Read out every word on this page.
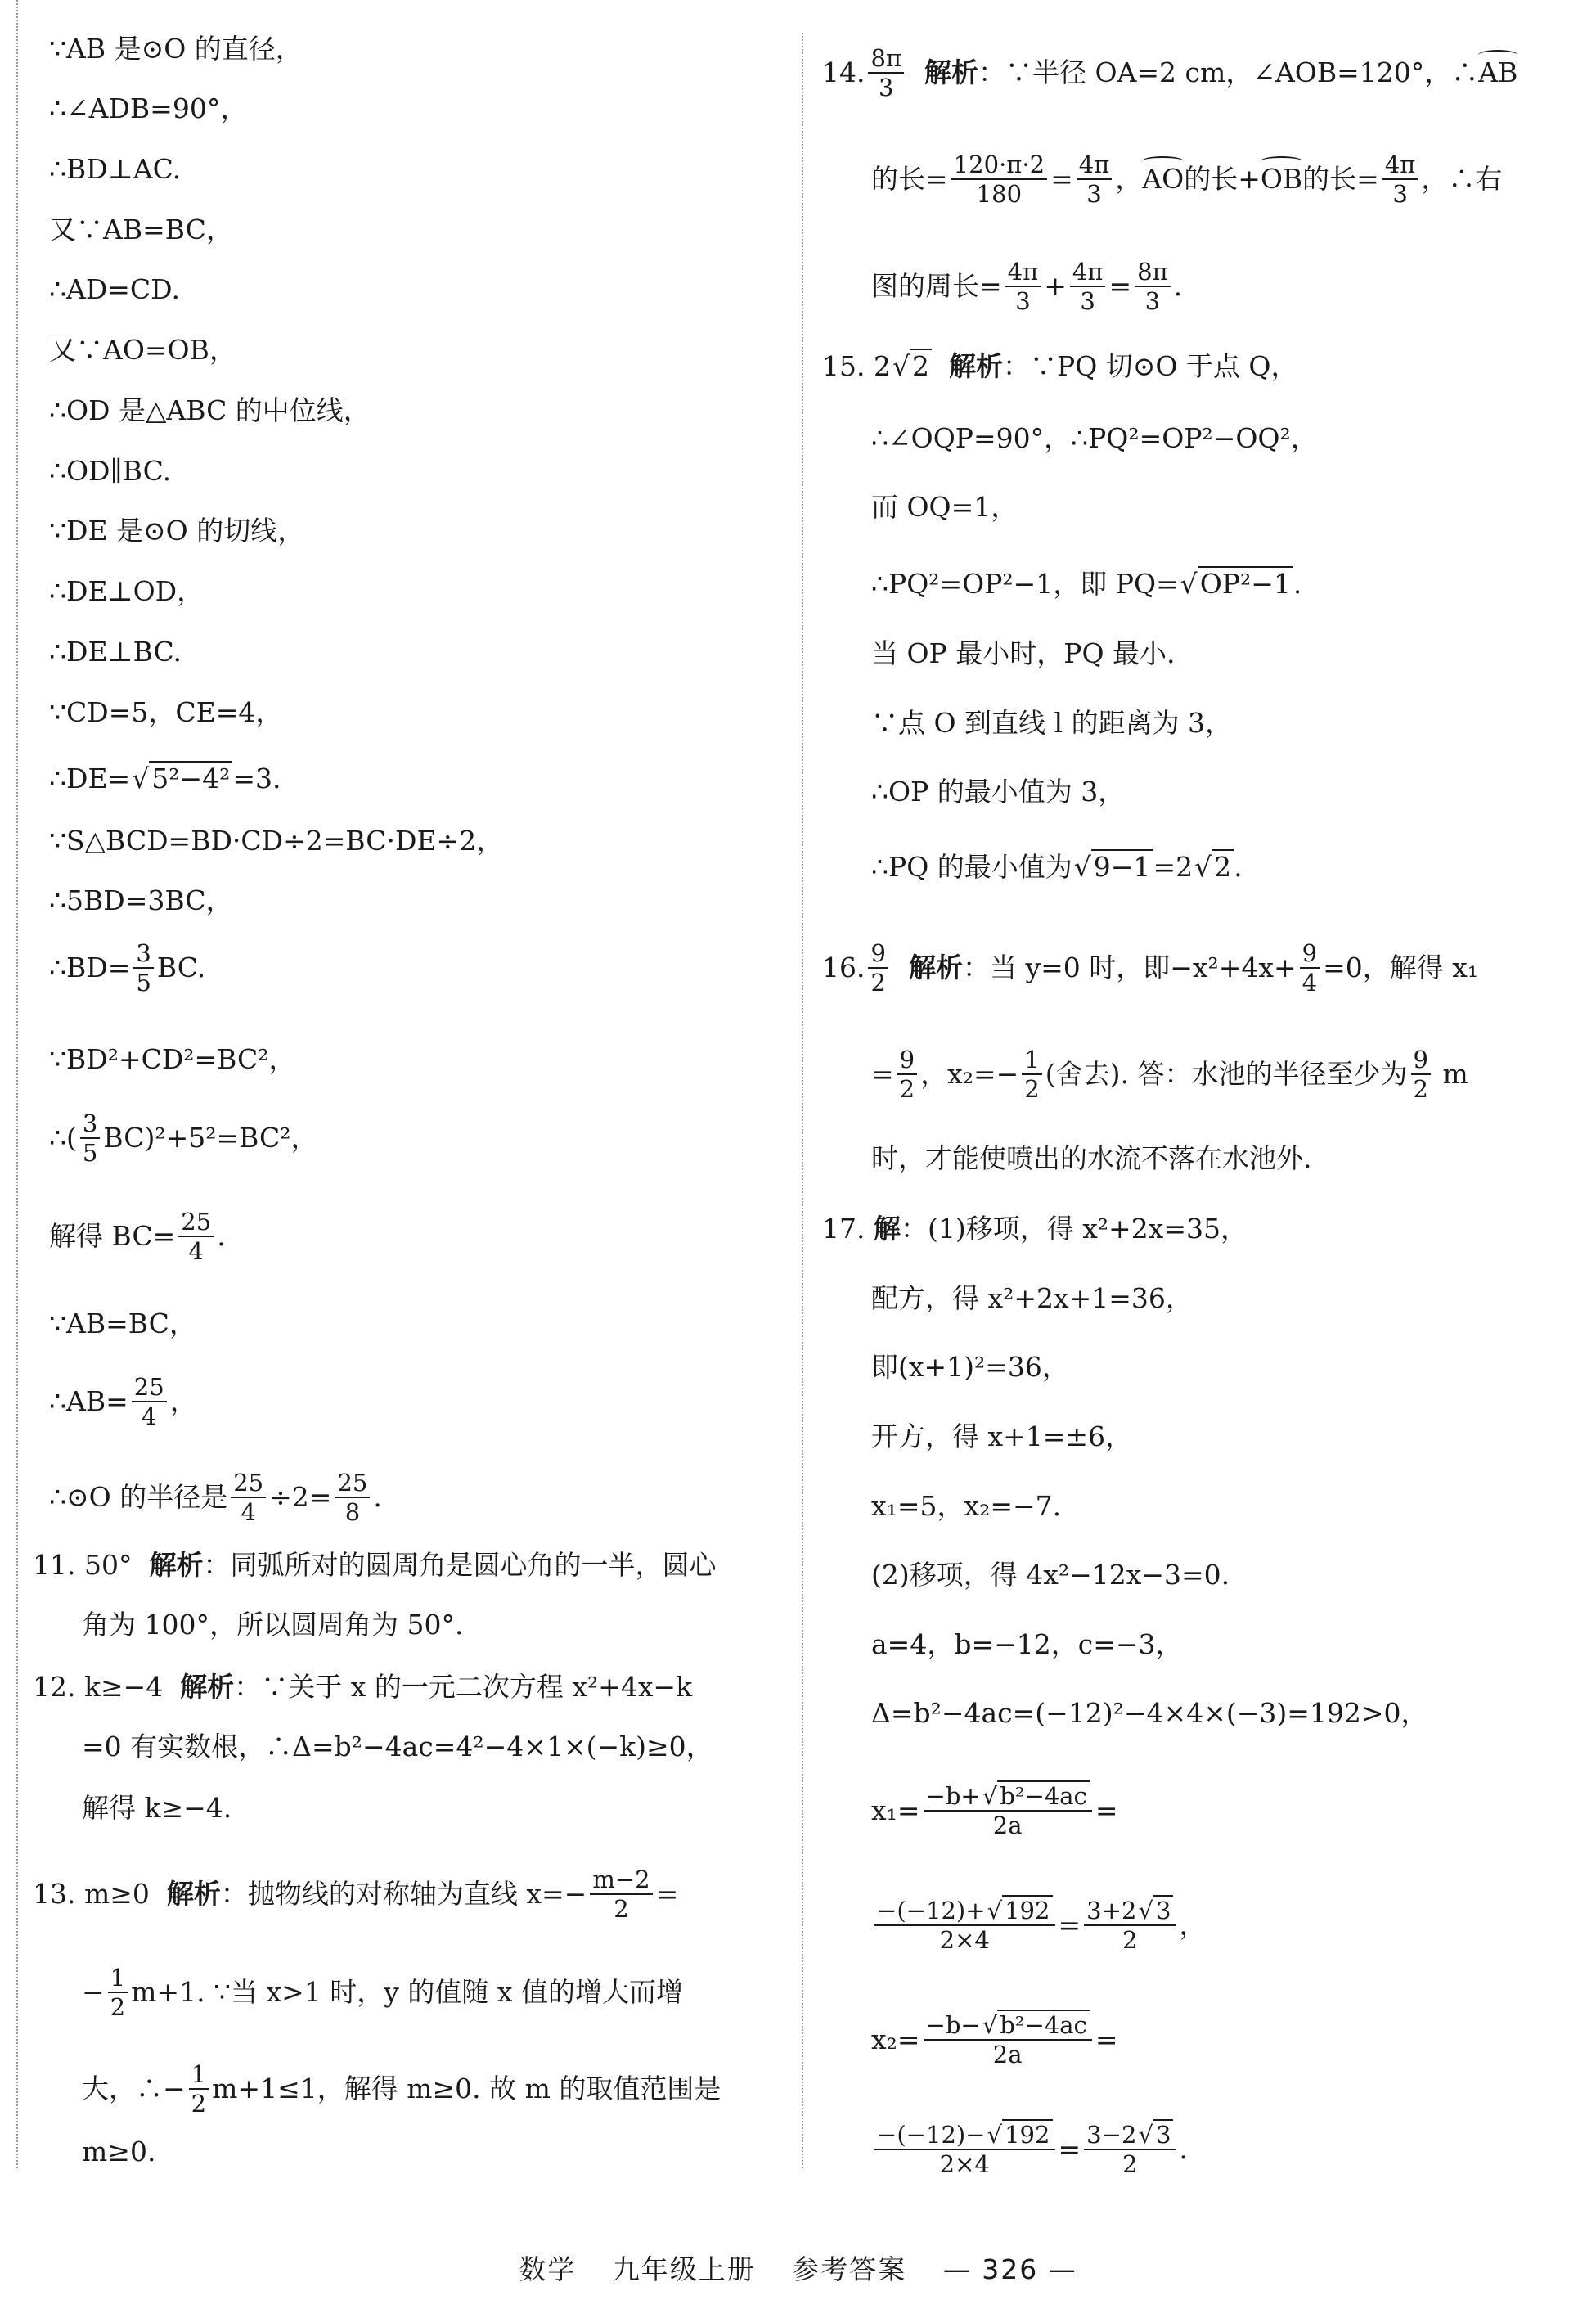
∵AB 是⊙O 的直径，
∴∠ADB=90°，
∴BD⊥AC.
又∵AB=BC，
∴AD=CD.
又∵AO=OB，
∴OD 是△ABC 的中位线，
∴OD∥BC.
∵DE 是⊙O 的切线，
∴DE⊥OD，
∴DE⊥BC.
∵CD=5，CE=4，
∴DE= √5²−4² =3.
∵S△BCD=BD·CD÷2=BC·DE÷2，
∴5BD=3BC，
∴BD= $\frac{3}{5}$ BC.
∵BD²+CD²=BC²，
∴( $\frac{3}{5} BC)^2+5^2=BC^2$，
解得 $BC= \frac{25}{4}$ .
∵AB=BC，
∴AB= $\frac{25}{4}$ ，
∴⊙O 的半径是 $\frac{25}{4} \div 2= \frac{25}{8}$ .
11. 50°
解析 ：同弧所对的圆周角是圆心角的一半，圆心
角为 100°，所以圆周角为 50°.
12. k≥−4
解析 ：∵关于 x 的一元二次方程 x²+4x−k
=0 有实数根，∴Δ=b²−4ac=4²−4×1×(−k)≥0，
解得 k≥−4.
13. m≥0
解析 ：抛物线的对称轴为直线 $x=- \frac{m-2}{2}$ =
− $\frac{1}{2} m+1$. ∵当 x>1 时，y 的值随 x 值的增大而增
大，∴− $\frac{1}{2} m+1\le 1$，解得 m≥0. 故 m 的取值范围是
m≥0.
14. $\frac{8\pi}{3}$
解析 ：∵半径 OA=2 cm，∠AOB=120°，∴ AB
的长= $\frac{120\cdot\pi\cdot 2}{180} = \frac{4\pi}{3}$ ， AO 的长+ OB 的长= $\frac{4\pi}{3}$ ，∴右
图的周长= $\frac{4\pi}{3} + \frac{4\pi}{3} = \frac{8\pi}{3}$ .
15. 2 √2
解析 ：∵PQ 切⊙O 于点 Q，
∴∠OQP=90°，∴PQ²=OP²−OQ²，
而 OQ=1，
∴PQ²=OP²−1，即 PQ= √OP²−1 .
当 OP 最小时，PQ 最小.
∵点 O 到直线 l 的距离为 3，
∴OP 的最小值为 3，
∴PQ 的最小值为 √9−1 =2 √2 .
16. $\frac{9}{2}$
解析 ：当 y=0 时，即$-x^2+4x+ \frac{9}{4} =0$，解得 x₁
= $\frac{9}{2}$ ，$x_2=- \frac{1}{2}$ (舍去). 答：水池的半径至少为 $\frac{9}{2}$
m
时，才能使喷出的水流不落在水池外.
17.
解 ：(1)移项，得 x²+2x=35，
配方，得 x²+2x+1=36，
即(x+1)²=36，
开方，得 x+1=±6，
x₁=5，x₂=−7.
(2)移项，得 4x²−12x−3=0.
a=4，b=−12，c=−3，
Δ=b²−4ac=(−12)²−4×4×(−3)=192>0，
$x_1= \frac{\text{−b+√ b²−4ac}}{2a}$ =
$\frac{-(-12)+√ 192}{2\times 4} = \frac{3+2√ 3}{2}$ ，
$x_2= \frac{\text{−b−√ b²−4ac}}{2a}$ =
$\frac{-(-12)-√ 192}{2\times 4} = \frac{3-2√ 3}{2}$ .
数学 九年级上册 参考答案 — 326 —
